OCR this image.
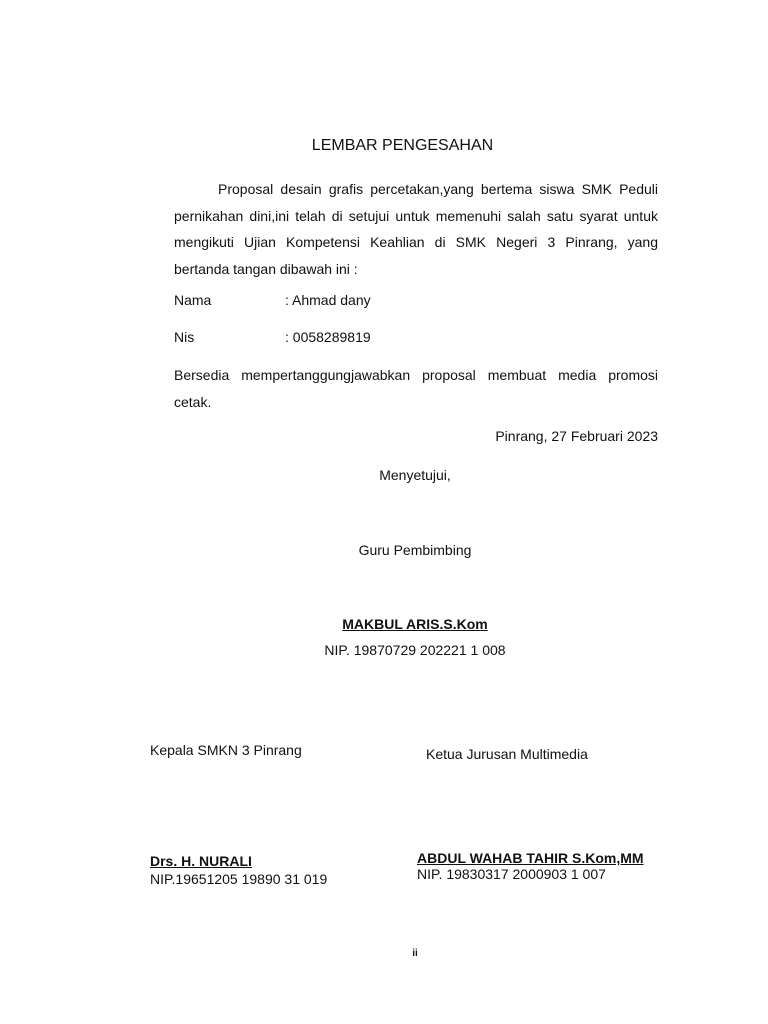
LEMBAR PENGESAHAN
Proposal desain grafis percetakan,yang bertema siswa SMK Peduli pernikahan dini,ini telah di setujui untuk memenuhi salah satu syarat untuk mengikuti Ujian Kompetensi Keahlian di SMK Negeri 3 Pinrang, yang bertanda tangan dibawah ini :
Nama	: Ahmad dany
Nis	: 0058289819
Bersedia mempertanggungjawabkan proposal membuat media promosi cetak.
Pinrang, 27 Februari 2023
Menyetujui,
Guru Pembimbing
MAKBUL ARIS.S.Kom
NIP. 19870729 202221 1 008
Kepala SMKN 3 Pinrang
Drs. H. NURALI
NIP.19651205 19890 31 019
Ketua Jurusan Multimedia
ABDUL WAHAB TAHIR S.Kom,MM
NIP. 19830317 2000903 1 007
ii
